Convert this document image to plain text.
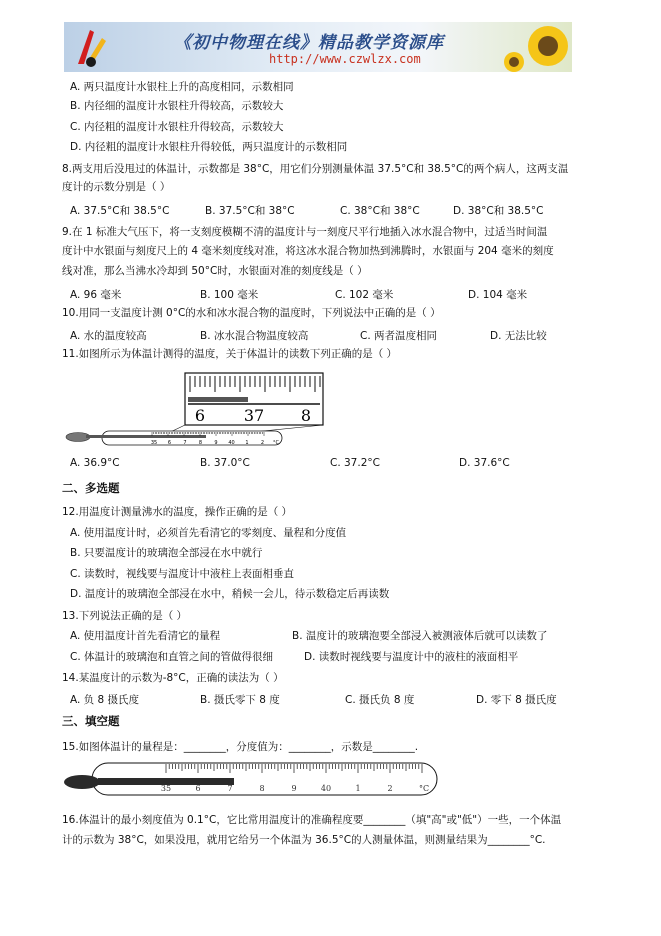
《初中物理在线》精品教学资源库
http://www.czwlzx.com
A. 两只温度计水银柱上升的高度相同，示数相同
B. 内径细的温度计水银柱升得较高，示数较大
C. 内径粗的温度计水银柱升得较高，示数较大
D. 内径粗的温度计水银柱升得较低，两只温度计的示数相同
8.两支用后没甩过的体温计，示数都是 38°C，用它们分别测量体温 37.5°C和 38.5°C的两个病人，这两支温
度计的示数分别是（ ）
A. 37.5°C和 38.5°C	B. 37.5°C和 38°C	C. 38°C和 38°C	D. 38°C和 38.5°C
9.在 1 标准大气压下，将一支刻度模糊不清的温度计与一刻度尺平行地插入冰水混合物中，过适当时间温
度计中水银面与刻度尺上的 4 毫米刻度线对准，将这冰水混合物加热到沸腾时，水银面与 204 毫米的刻度
线对准，那么当沸水冷却到 50°C时，水银面对准的刻度线是（ ）
A. 96 毫米	B. 100 毫米	C. 102 毫米	D. 104 毫米
10.用同一支温度计测 0°C的水和冰水混合物的温度时，下列说法中正确的是（ ）
A. 水的温度较高	B. 冰水混合物温度较高	C. 两者温度相同	D. 无法比较
11.如图所示为体温计测得的温度，关于体温计的读数下列正确的是（ ）
6 37 8
35 6 7 8 9 40 1 2 °C
A. 36.9°C	B. 37.0°C	C. 37.2°C	D. 37.6°C
二、多选题
12.用温度计测量沸水的温度，操作正确的是（ ）
A. 使用温度计时，必须首先看清它的零刻度、量程和分度值
B. 只要温度计的玻璃泡全部浸在水中就行
C. 读数时，视线要与温度计中液柱上表面相垂直
D. 温度计的玻璃泡全部浸在水中，稍候一会儿，待示数稳定后再读数
13.下列说法正确的是（ ）
A. 使用温度计首先看清它的量程	B. 温度计的玻璃泡要全部浸入被测液体后就可以读数了
C. 体温计的玻璃泡和直管之间的管做得很细	D. 读数时视线要与温度计中的液柱的液面相平
14.某温度计的示数为-8°C，正确的读法为（ ）
A. 负 8 摄氏度	B. 摄氏零下 8 度	C. 摄氏负 8 度	D. 零下 8 摄氏度
三、填空题
15.如图体温计的量程是：________，分度值为：________，示数是________.
35	6	7	8	9	40	1	2	°C
16.体温计的最小刻度值为 0.1°C，它比常用温度计的准确程度要________（填"高"或"低"）一些，一个体温
计的示数为 38°C，如果没甩，就用它给另一个体温为 36.5°C的人测量体温，则测量结果为________°C.
